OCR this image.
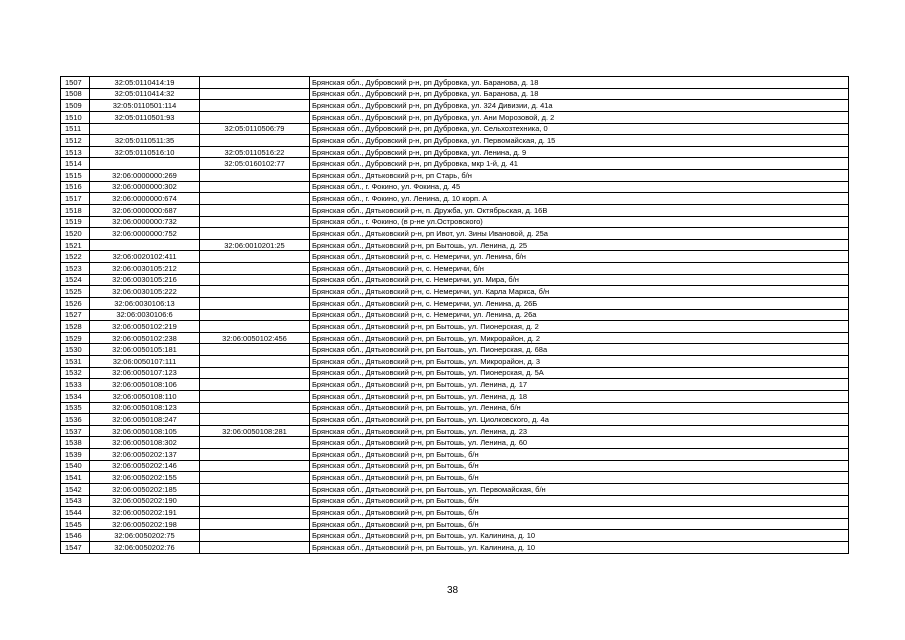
1507	32:05:0110414:19		Брянская обл., Дубровский р-н, рп Дубровка, ул. Баранова, д. 18
1508	32:05:0110414:32		Брянская обл., Дубровский р-н, рп Дубровка, ул. Баранова, д. 18
1509	32:05:0110501:114		Брянская обл., Дубровский р-н, рп Дубровка, ул. 324 Дивизии, д. 41а
1510	32:05:0110501:93		Брянская обл., Дубровский р-н, рп Дубровка, ул. Ани Морозовой, д. 2
1511		32:05:0110506:79	Брянская обл., Дубровский р-н, рп Дубровка, ул. Сельхозтехника, 0
1512	32:05:0110511:35		Брянская обл., Дубровский р-н, рп Дубровка, ул. Первомайская, д. 15
1513	32:05:0110516:10	32:05:0110516:22	Брянская обл., Дубровский р-н, рп Дубровка, ул. Ленина, д. 9
1514		32:05:0160102:77	Брянская обл., Дубровский р-н, рп Дубровка, мкр 1-й, д. 41
1515	32:06:0000000:269		Брянская обл., Дятьковский р-н, рп Старь, б/н
1516	32:06:0000000:302		Брянская обл., г. Фокино, ул. Фокина, д. 45
1517	32:06:0000000:674		Брянская обл., г. Фокино, ул. Ленина, д. 10 корп. А
1518	32:06:0000000:687		Брянская обл., Дятьковский р-н, п. Дружба, ул. Октябрьская, д. 16В
1519	32:06:0000000:732		Брянская обл., г. Фокино, (в р-не ул.Островского)
1520	32:06:0000000:752		Брянская обл., Дятьковский р-н, рп Ивот, ул. Зины Ивановой, д. 25а
1521		32:06:0010201:25	Брянская обл., Дятьковский р-н, рп Бытошь, ул. Ленина, д. 25
1522	32:06:0020102:411		Брянская обл., Дятьковский р-н, с. Немеричи, ул. Ленина, б/н
1523	32:06:0030105:212		Брянская обл., Дятьковский р-н, с. Немеричи, б/н
1524	32:06:0030105:216		Брянская обл., Дятьковский р-н, с. Немеричи, ул. Мира, б/н
1525	32:06:0030105:222		Брянская обл., Дятьковский р-н, с. Немеричи, ул. Карла Маркса, б/н
1526	32:06:0030106:13		Брянская обл., Дятьковский р-н, с. Немеричи, ул. Ленина, д. 26Б
1527	32:06:0030106:6		Брянская обл., Дятьковский р-н, с. Немеричи, ул. Ленина, д. 26а
1528	32:06:0050102:219		Брянская обл., Дятьковский р-н, рп Бытошь, ул. Пионерская, д. 2
1529	32:06:0050102:238	32:06:0050102:456	Брянская обл., Дятьковский р-н, рп Бытошь, ул. Микрорайон, д. 2
1530	32:06:0050105:181		Брянская обл., Дятьковский р-н, рп Бытошь, ул. Пионерская, д. 68а
1531	32:06:0050107:111		Брянская обл., Дятьковский р-н, рп Бытошь, ул. Микрорайон, д. 3
1532	32:06:0050107:123		Брянская обл., Дятьковский р-н, рп Бытошь, ул. Пионерская, д. 5А
1533	32:06:0050108:106		Брянская обл., Дятьковский р-н, рп Бытошь, ул. Ленина, д. 17
1534	32:06:0050108:110		Брянская обл., Дятьковский р-н, рп Бытошь, ул. Ленина, д. 18
1535	32:06:0050108:123		Брянская обл., Дятьковский р-н, рп Бытошь, ул. Ленина, б/н
1536	32:06:0050108:247		Брянская обл., Дятьковский р-н, рп Бытошь, ул. Циолковского, д. 4а
1537	32:06:0050108:105	32:06:0050108:281	Брянская обл., Дятьковский р-н, рп Бытошь, ул. Ленина, д. 23
1538	32:06:0050108:302		Брянская обл., Дятьковский р-н, рп Бытошь, ул. Ленина, д. 60
1539	32:06:0050202:137		Брянская обл., Дятьковский р-н, рп Бытошь, б/н
1540	32:06:0050202:146		Брянская обл., Дятьковский р-н, рп Бытошь, б/н
1541	32:06:0050202:155		Брянская обл., Дятьковский р-н, рп Бытошь, б/н
1542	32:06:0050202:185		Брянская обл., Дятьковский р-н, рп Бытошь, ул. Первомайская, б/н
1543	32:06:0050202:190		Брянская обл., Дятьковский р-н, рп Бытошь, б/н
1544	32:06:0050202:191		Брянская обл., Дятьковский р-н, рп Бытошь, б/н
1545	32:06:0050202:198		Брянская обл., Дятьковский р-н, рп Бытошь, б/н
1546	32:06:0050202:75		Брянская обл., Дятьковский р-н, рп Бытошь, ул. Калинина, д. 10
1547	32:06:0050202:76		Брянская обл., Дятьковский р-н, рп Бытошь, ул. Калинина, д. 10
38
